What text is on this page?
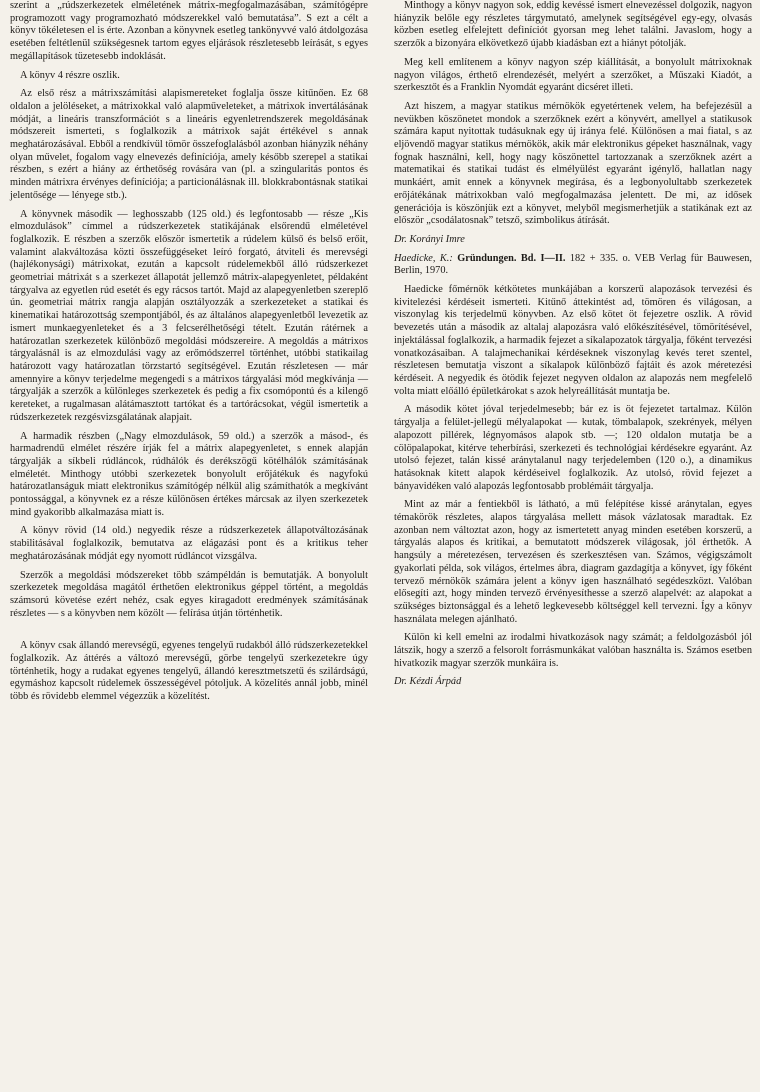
szerint a „rúdszerkezetek elméletének mátrix-megfogalmazásában, számítógépre programozott vagy programozható módszerekkel való bemutatása”. S ezt a célt a könyv tökéletesen el is érte. Azonban a könyvnek esetleg tankönyvvé való átdolgozása esetében feltétlenül szükségesnek tartom egyes eljárások részletesebb leírását, s egyes megállapítások tüzetesebb indoklását.

A könyv 4 részre oszlik.

Az első rész a mátrixszámítási alapismereteket foglalja össze kitűnően. Ez 68 oldalon a jelöléseket, a mátrixokkal való alapműveleteket, a mátrixok invertálásának módját, a lineáris transzformációt s a lineáris egyenletrendszerek megoldásának módszereit ismerteti, s foglalkozik a mátrixok saját értékével s annak meghatározásával. Ebből a rendkívül tömör összefoglalásból azonban hiányzik néhány olyan művelet, fogalom vagy elnevezés definíciója, amely később szerepel a statikai részben, s ezért a hiány az érthetőség rovására van (pl. a szingularitás pontos és minden mátrixra érvényes definíciója; a particionálásnak ill. blokkrabontásnak statikai jelentősége — lényege stb.).

A könyvnek második — leghosszabb (125 old.) és legfontosabb — része „Kis elmozdulások” címmel a rúdszerkezetek statikájának elsőrendű elméletével foglalkozik. E részben a szerzők először ismertetik a rúdelem külső és belső erőit, valamint alakváltozása közti összefüggéseket leíró forgató, átviteli és merevségi (hajlékonysági) mátrixokat, ezután a kapcsolt rúdelemekből álló rúdszerkezet geometriai mátrixát s a szerkezet állapotát jellemző mátrix-alapegyenletet, példaként tárgyalva az egyetlen rúd esetét és egy rácsos tartót. Majd az alapegyenletben szereplő ún. geometriai mátrix rangja alapján osztályozzák a szerkezeteket a statikai és kinematikai határozottság szempontjából, és az általános alapegyenletből levezetik az ismert munkaegyenleteket és a 3 felcserélhetőségi tételt. Ezután rátérnek a határozatlan szerkezetek különböző megoldási módszereire. A megoldás a mátrixos tárgyalásnál is az elmozdulási vagy az erőmódszerrel történhet, utóbbi statikailag határozott vagy határozatlan törzstartó segítségével. Ezután részletesen — már amennyire a könyv terjedelme megengedi s a mátrixos tárgyalási mód megkívánja — tárgyalják a szerzők a különleges szerkezetek és pedig a fix csomópontú és a kilengő kereteket, a rugalmasan alátámasztott tartókat és a tartórácsokat, végül ismertetik a rúdszerkezetek rezgésvizsgálatának alapjait.

A harmadik részben („Nagy elmozdulások, 59 old.) a szerzők a másod-, és harmadrendű elmélet részére írják fel a mátrix alapegyenletet, s ennek alapján tárgyalják a síkbeli rúdláncok, rúdhálók és derékszögű kötélhálók számításának elméletét. Minthogy utóbbi szerkezetek bonyolult erőjátékuk és nagyfokú határozatlanságuk miatt elektronikus számítógép nélkül alig számíthatók a megkívánt pontossággal, a könyvnek ez a része különösen értékes márcsak az ilyen szerkezetek mind gyakoribb alkalmazása miatt is.

A könyv rövid (14 old.) negyedik része a rúdszerkezetek állapotváltozásának stabilitásával foglalkozik, bemutatva az elágazási pont és a kritikus teher meghatározásának módját egy nyomott rúdláncot vizsgálva.

Szerzők a megoldási módszereket több számpéldán is bemutatják. A bonyolult szerkezetek megoldása magától érthetően elektronikus géppel történt, a megoldás számsorú követése ezért nehéz, csak egyes kiragadott eredmények számításának részletes — s a könyvben nem közölt — felírása útján történhetik.

A könyv csak állandó merevségű, egyenes tengelyű rudakból álló rúdszerkezetekkel foglalkozik. Az áttérés a változó merevségű, görbe tengelyű szerkezetekre úgy történhetik, hogy a rudakat egyenes tengelyű, állandó keresztmetszetű és szilárdságú, egymáshoz kapcsolt rúdelemek összességével pótoljuk. A közelítés annál jobb, minél több és rövidebb elemmel végezzük a közelítést.

Minthogy a könyv nagyon sok, eddig kevéssé ismert elnevezéssel dolgozik, nagyon hiányzik belőle egy részletes tárgymutató, amelynek segítségével egy-egy, olvasás közben esetleg elfelejtett definíciót gyorsan meg lehet találni. Javaslom, hogy a szerzők a bizonyára elkövetkező újabb kiadásban ezt a hiányt pótolják.

Meg kell említenem a könyv nagyon szép kiállítását, a bonyolult mátrixoknak nagyon világos, érthető elrendezését, melyért a szerzőket, a Műszaki Kiadót, a szerkesztőt és a Franklin Nyomdát egyaránt dicséret illeti.

Azt hiszem, a magyar statikus mérnökök egyetértenek velem, ha befejezésül a nevükben köszönetet mondok a szerzőknek ezért a könyvért, amellyel a statikusok számára kaput nyitottak tudásuknak egy új iránya felé. Különösen a mai fiatal, s az eljövendő magyar statikus mérnökök, akik már elektronikus gépeket használnak, vagy fognak használni, kell, hogy nagy köszönettel tartozzanak a szerzőknek azért a matematikai és statikai tudást és elmélyülést egyaránt igénylő, hallatlan nagy munkáért, amit ennek a könyvnek megírása, és a legbonyolultabb szerkezetek erőjátékának mátrixokban való megfogalmazása jelentett. De mi, az idősek generációja is köszönjük ezt a könyvet, melyből megismerhetjük a statikának ezt az először „csodálatosnak” tetsző, szimbolikus átírását.

Dr. Korányi Imre

Haedicke, K.: Gründungen. Bd. I—II. 182 + 335. o. VEB Verlag für Bauwesen, Berlin, 1970.

Haedicke főmérnök kétkötetes munkájában a korszerű alapozások tervezési és kivitelezési kérdéseit ismerteti. Kitűnő áttekintést ad, tömören és világosan, a viszonylag kis terjedelmű könyvben. Az első kötet öt fejezetre oszlik. A rövid bevezetés után a második az altalaj alapozásra való előkészítésével, tömörítésével, injektálással foglalkozik, a harmadik fejezet a síkalapozatok tárgyalja, főként tervezési vonatkozásaiban. A talajmechanikai kérdéseknek viszonylag kevés teret szentel, részletesen bemutatja viszont a síkalapok különböző fajtáit és azok méretezési kérdéseit. A negyedik és ötödik fejezet negyven oldalon az alapozás nem megfelelő volta miatt előálló épületkárokat s azok helyreállítását muntatja be.

A második kötet jóval terjedelmesebb; bár ez is öt fejezetet tartalmaz. Külön tárgyalja a felület-jellegű mélyalapokat — kutak, tömbalapok, szekrények, mélyen alapozott pillérek, légnyomásos alapok stb. —; 120 oldalon mutatja be a cölöpalapokat, kitérve teherbírási, szerkezeti és technológiai kérdésekre egyaránt. Az utolsó fejezet, talán kissé aránytalanul nagy terjedelemben (120 o.), a dinamikus hatásoknak kitett alapok kérdéseivel foglalkozik. Az utolsó, rövid fejezet a bányavidéken való alapozás legfontosabb problémáit tárgyalja.

Mint az már a fentiekből is látható, a mű felépítése kissé aránytalan, egyes témakörök részletes, alapos tárgyalása mellett mások vázlatosak maradtak. Ez azonban nem változtat azon, hogy az ismertetett anyag minden esetében korszerű, a tárgyalás alapos és kritikai, a bemutatott módszerek világosak, jól érthetők. A hangsúly a méretezésen, tervezésen és szerkesztésen van. Számos, végigszámolt gyakorlati példa, sok világos, értelmes ábra, diagram gazdagítja a könyvet, így főként tervező mérnökök számára jelent a könyv igen használható segédeszközt. Valóban elősegíti azt, hogy minden tervező érvényesíthesse a szerző alapelvét: az alapokat a szükséges biztonsággal és a lehető legkevesebb költséggel kell tervezni. Így a könyv használata melegen ajánlható.

Külön ki kell emelni az irodalmi hivatkozások nagy számát; a feldolgozásból jól látszik, hogy a szerző a felsorolt forrásmunkákat valóban használta is. Számos esetben hivatkozik magyar szerzők munkáira is.

Dr. Kézdi Árpád
